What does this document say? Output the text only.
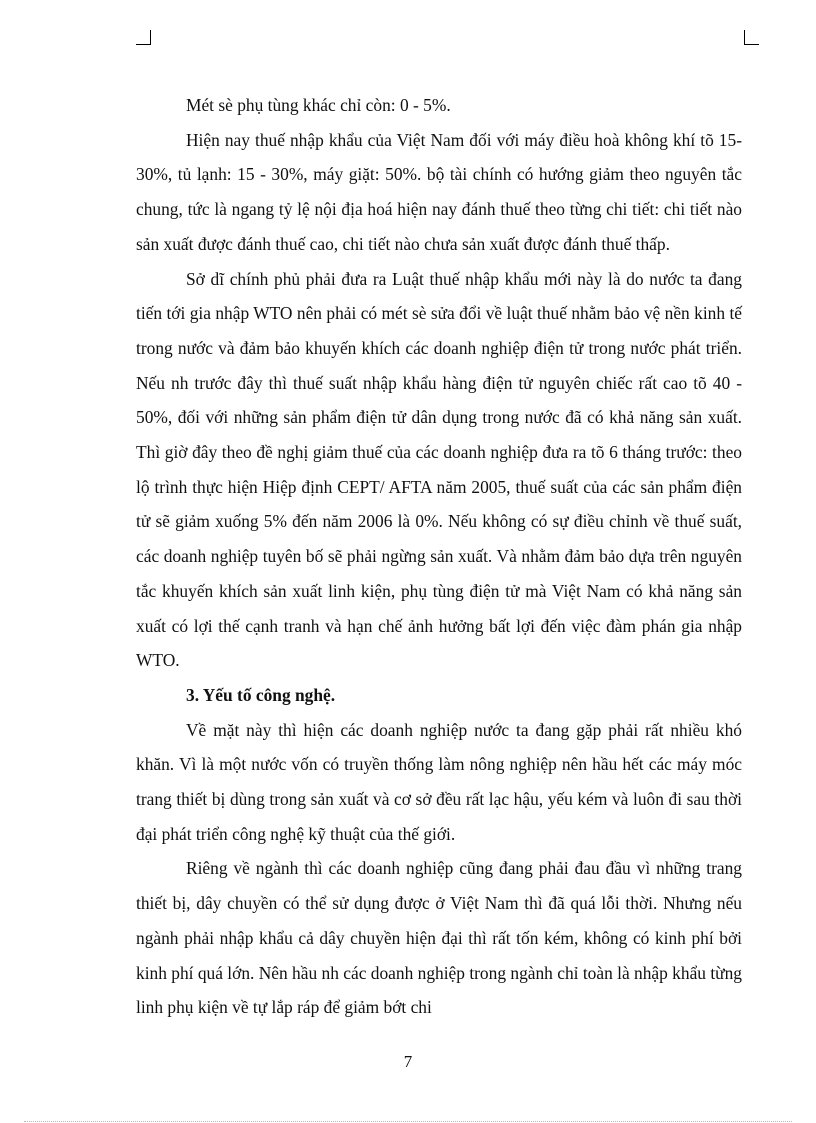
Mét sè phụ tùng khác chỉ còn: 0 - 5%.

Hiện nay thuế nhập khẩu của Việt Nam đối với máy điều hoà không khí tõ 15- 30%, tủ lạnh: 15 - 30%, máy giặt: 50%. bộ tài chính có hướng giảm theo nguyên tắc chung, tức là ngang tỷ lệ nội địa hoá hiện nay đánh thuế theo từng chi tiết: chi tiết nào sản xuất được đánh thuế cao, chi tiết nào chưa sản xuất được đánh thuế thấp.

Sở dĩ chính phủ phải đưa ra Luật thuế nhập khẩu mới này là do nước ta đang tiến tới gia nhập WTO nên phải có mét sè sửa đổi về luật thuế nhằm bảo vệ nền kinh tế trong nước và đảm bảo khuyến khích các doanh nghiệp điện tử trong nước phát triển. Nếu nh trước đây thì thuế suất nhập khẩu hàng điện tử nguyên chiếc rất cao tõ 40 - 50%, đối với những sản phẩm điện tử dân dụng trong nước đã có khả năng sản xuất. Thì giờ đây theo đề nghị giảm thuế của các doanh nghiệp đưa ra tõ 6 tháng trước: theo lộ trình thực hiện Hiệp định CEPT/ AFTA năm 2005, thuế suất của các sản phẩm điện tử sẽ giảm xuống 5% đến năm 2006 là 0%. Nếu không có sự điều chỉnh về thuế suất, các doanh nghiệp tuyên bố sẽ phải ngừng sản xuất. Và nhằm đảm bảo dựa trên nguyên tắc khuyến khích sản xuất linh kiện, phụ tùng điện tử mà Việt Nam có khả năng sản xuất có lợi thế cạnh tranh và hạn chế ảnh hưởng bất lợi đến việc đàm phán gia nhập WTO.

3. Yếu tố công nghệ.

Về mặt này thì hiện các doanh nghiệp nước ta đang gặp phải rất nhiều khó khăn. Vì là một nước vốn có truyền thống làm nông nghiệp nên hầu hết các máy móc trang thiết bị dùng trong sản xuất và cơ sở đều rất lạc hậu, yếu kém và luôn đi sau thời đại phát triển công nghệ kỹ thuật của thế giới.

Riêng về ngành thì các doanh nghiệp cũng đang phải đau đầu vì những trang thiết bị, dây chuyền có thể sử dụng được ở Việt Nam thì đã quá lỗi thời. Nhưng nếu ngành phải nhập khẩu cả dây chuyền hiện đại thì rất tốn kém, không có kinh phí bởi kinh phí quá lớn. Nên hầu nh các doanh nghiệp trong ngành chỉ toàn là nhập khẩu từng linh phụ kiện về tự lắp ráp để giảm bớt chi

7
